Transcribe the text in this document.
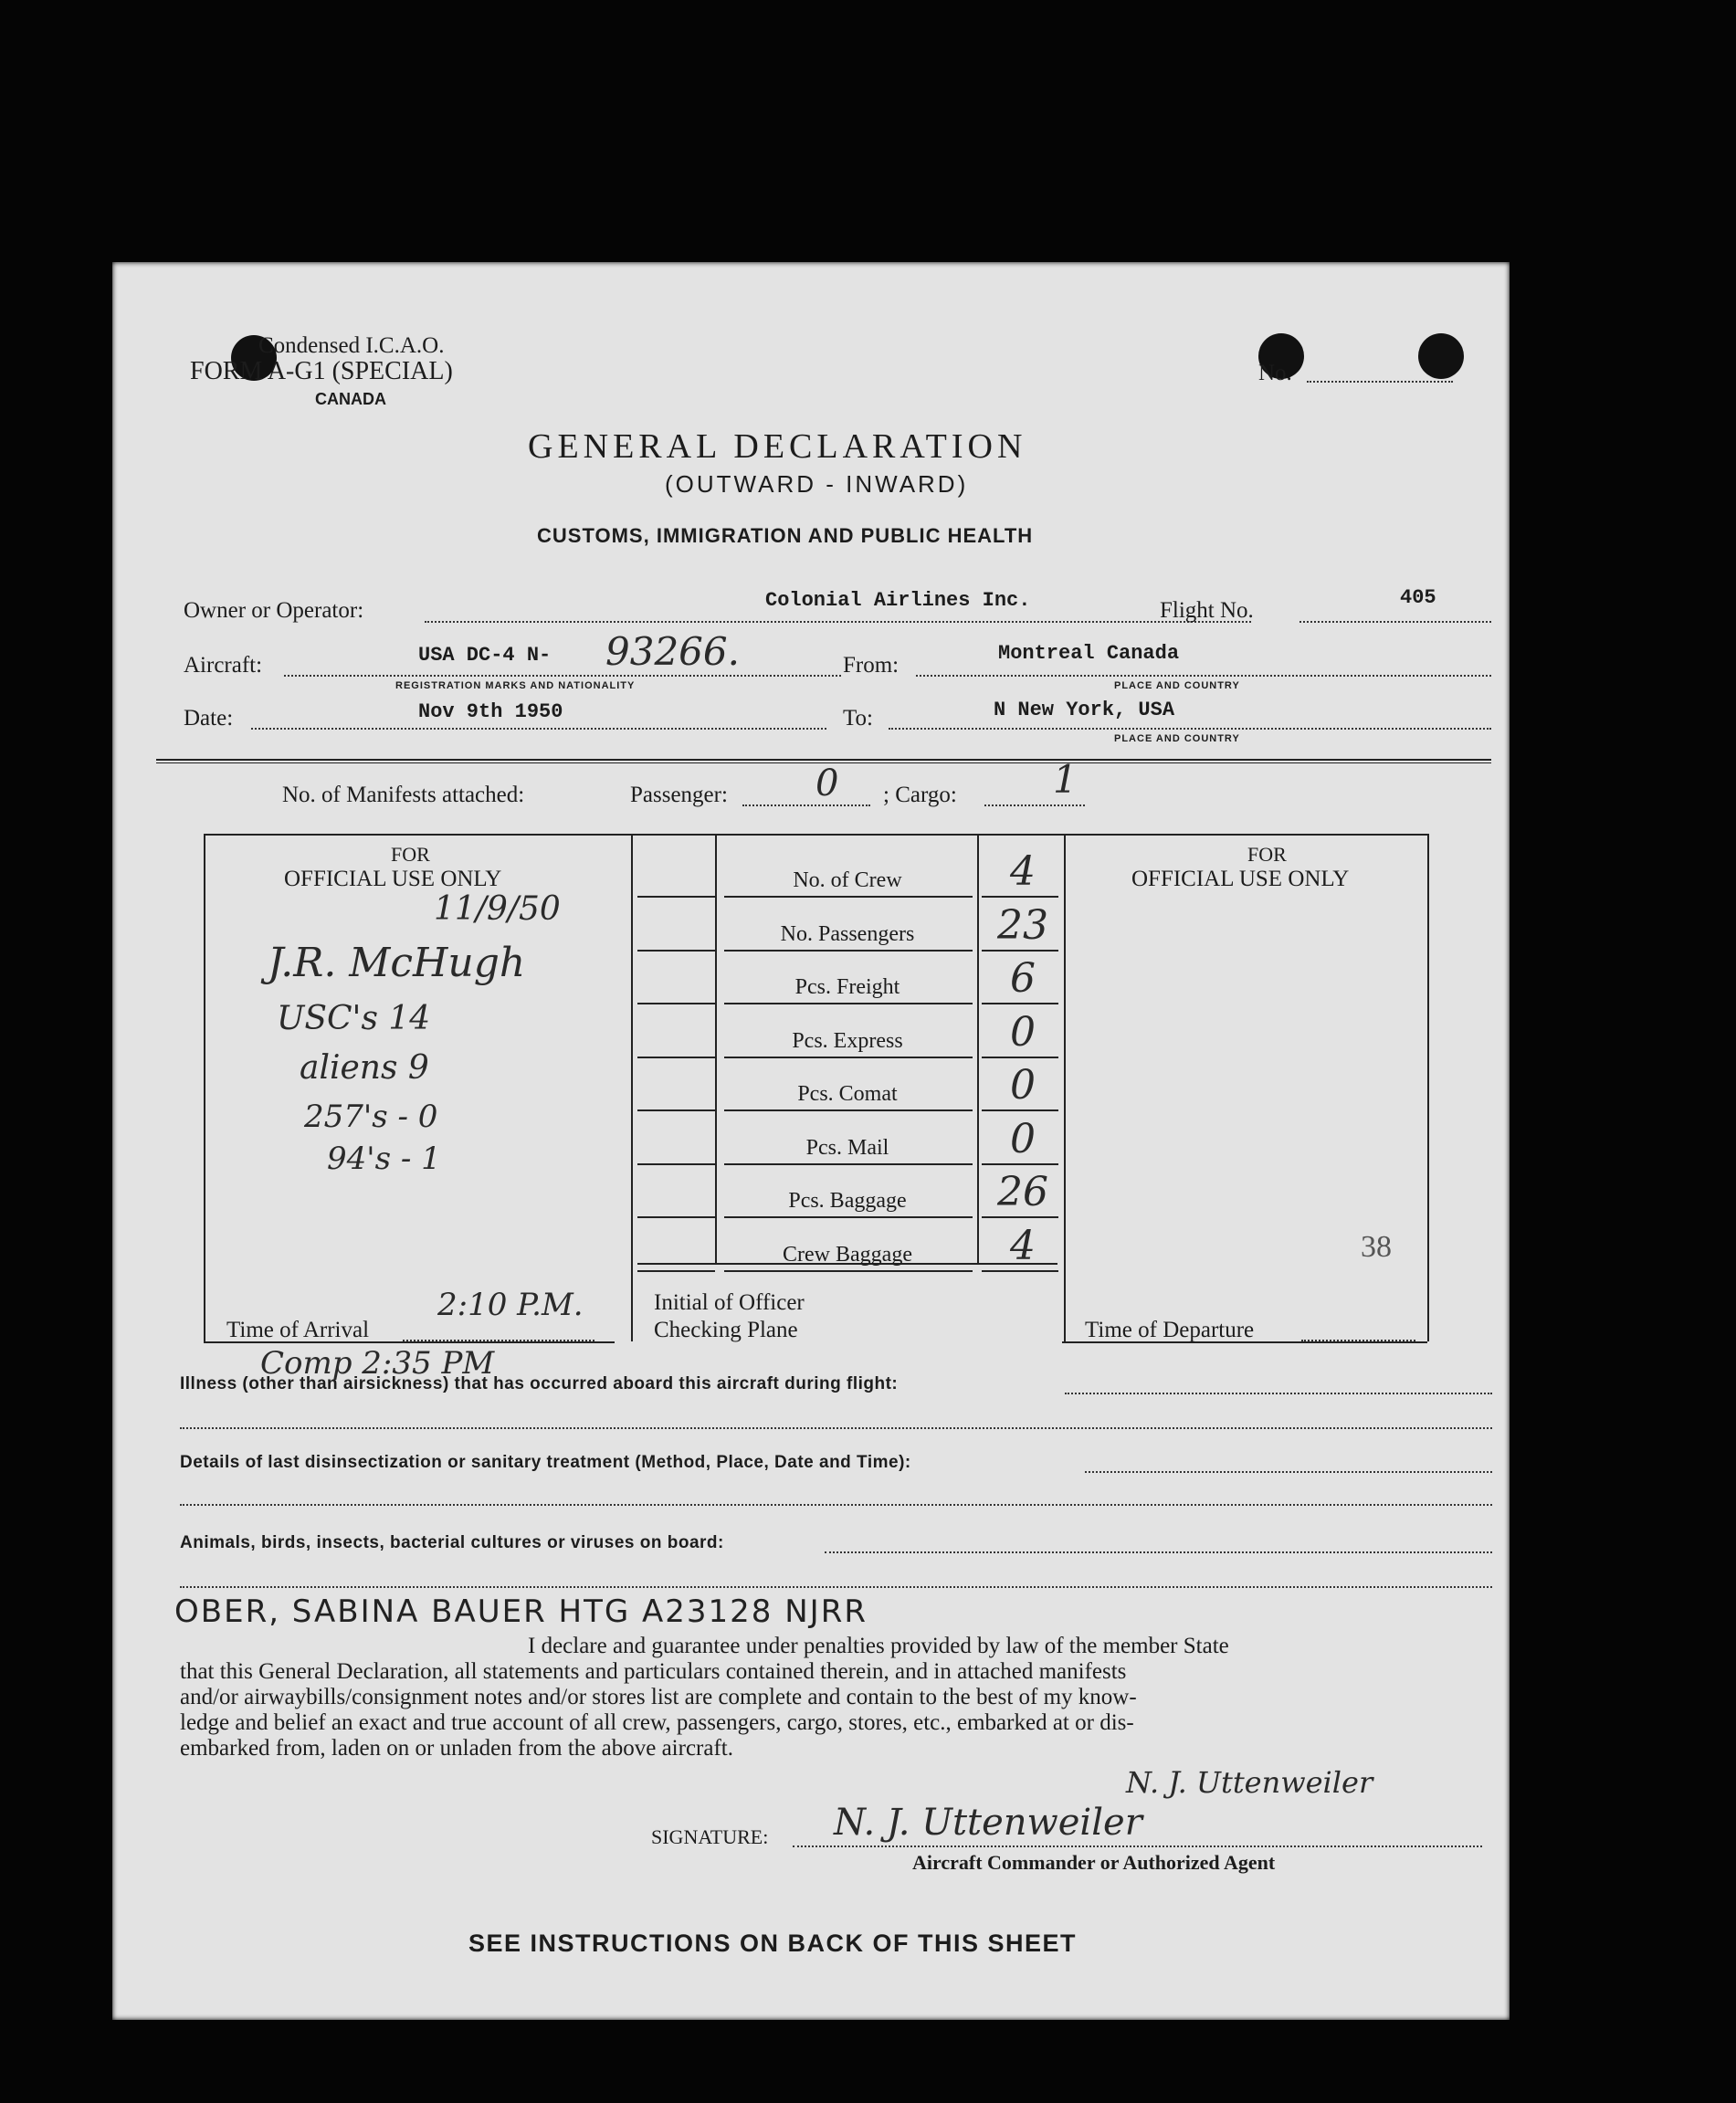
Condensed I.C.A.O.
FORM A-G1 (SPECIAL)
CANADA
No.
GENERAL DECLARATION
(OUTWARD - INWARD)
CUSTOMS, IMMIGRATION AND PUBLIC HEALTH
Owner or Operator:	Colonial Airlines Inc.	Flight No.
405
Aircraft:	USA DC-4 N- 93266.
REGISTRATION MARKS AND NATIONALITY
From:	Montreal Canada
PLACE AND COUNTRY
Date:	Nov 9th 1950	To:	N New York, USA
PLACE AND COUNTRY
No. of Manifests attached:	Passenger: 0 ; Cargo:	1
FOR
OFFICIAL USE ONLY
FOR
OFFICIAL USE ONLY
No. of Crew	4
No. Passengers	23
Pcs. Freight	6
Pcs. Express	0
Pcs. Comat	0
Pcs. Mail	0
Pcs. Baggage	26
Crew Baggage	4
11/9/50
J.R. McHugh
USC's 14
aliens 9
257's - 0
94's - 1
38
Time of Arrival
2:10 P.M.	Initial of Officer
Checking Plane	Time of Departure
Illness (other than airsickness) that has occurred aboard this aircraft during flight:
Comp 2:35 PM
Details of last disinsectization or sanitary treatment (Method, Place, Date and Time):
Animals, birds, insects, bacterial cultures or viruses on board:
OBER, SABINA BAUER HTG A23128 NJRR
I declare and guarantee under penalties provided by law of the member State
that this General Declaration, all statements and particulars contained therein, and in attached manifests
and/or airwaybills/consignment notes and/or stores list are complete and contain to the best of my know-
ledge and belief an exact and true account of all crew, passengers, cargo, stores, etc., embarked at or dis-
embarked from, laden on or unladen from the above aircraft.
N. J. Uttenweiler
SIGNATURE: N. J. Uttenweiler
Aircraft Commander or Authorized Agent
SEE INSTRUCTIONS ON BACK OF THIS SHEET
